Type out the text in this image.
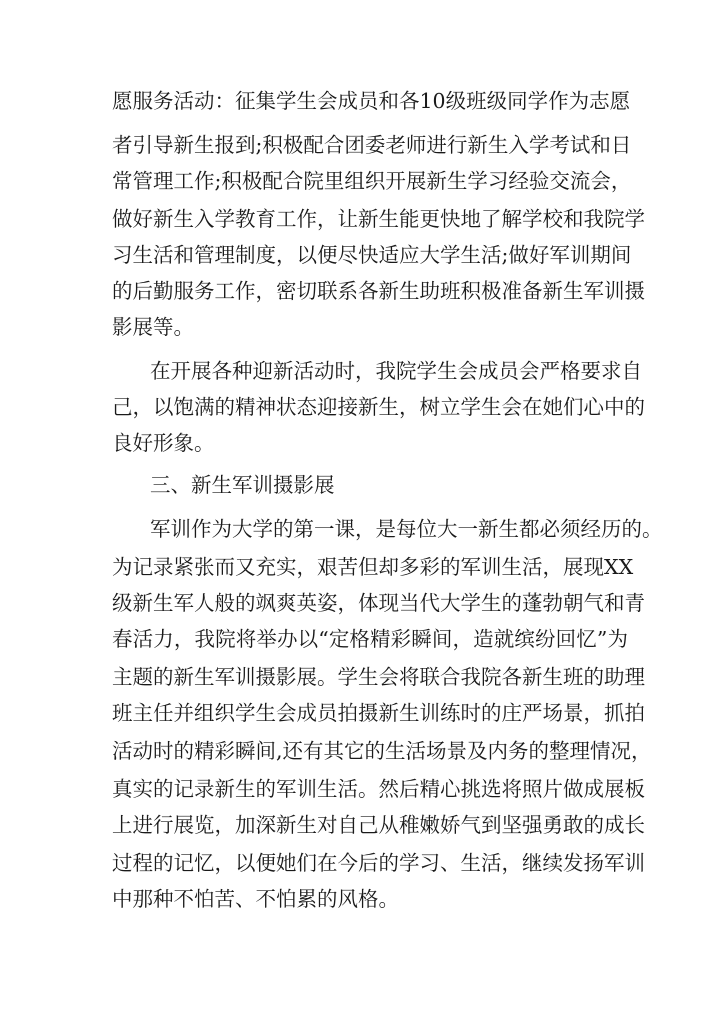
愿服务活动：征集学生会成员和各10级班级同学作为志愿
者引导新生报到;积极配合团委老师进行新生入学考试和日
常管理工作;积极配合院里组织开展新生学习经验交流会，
做好新生入学教育工作，让新生能更快地了解学校和我院学
习生活和管理制度，以便尽快适应大学生活;做好军训期间
的后勤服务工作，密切联系各新生助班积极准备新生军训摄
影展等。
在开展各种迎新活动时，我院学生会成员会严格要求自
己，以饱满的精神状态迎接新生，树立学生会在她们心中的
良好形象。
三、新生军训摄影展
军训作为大学的第一课，是每位大一新生都必须经历的。
为记录紧张而又充实，艰苦但却多彩的军训生活，展现XX
级新生军人般的飒爽英姿，体现当代大学生的蓬勃朝气和青
春活力，我院将举办以“定格精彩瞬间，造就缤纷回忆”为
主题的新生军训摄影展。学生会将联合我院各新生班的助理
班主任并组织学生会成员拍摄新生训练时的庄严场景，抓拍
活动时的精彩瞬间,还有其它的生活场景及内务的整理情况，
真实的记录新生的军训生活。然后精心挑选将照片做成展板
上进行展览，加深新生对自己从稚嫩娇气到坚强勇敢的成长
过程的记忆，以便她们在今后的学习、生活，继续发扬军训
中那种不怕苦、不怕累的风格。
